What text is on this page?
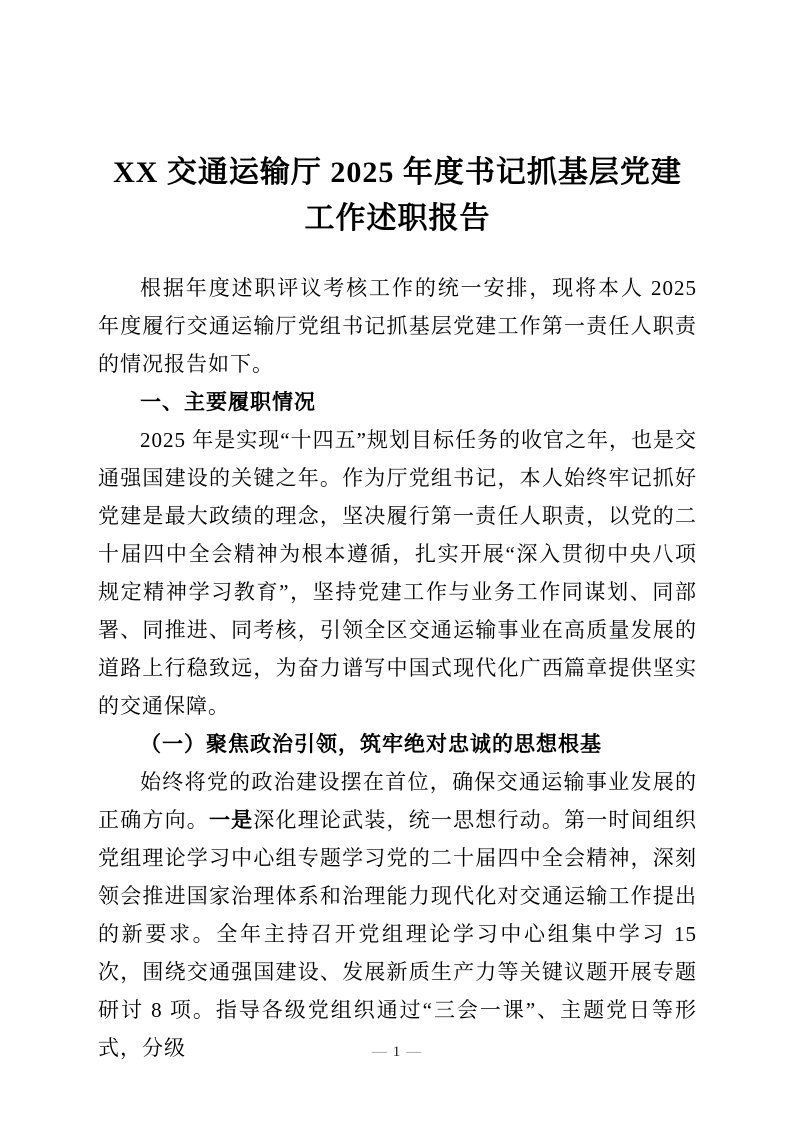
XX 交通运输厅 2025 年度书记抓基层党建
工作述职报告

根据年度述职评议考核工作的统一安排，现将本人 2025 年度履行交通运输厅党组书记抓基层党建工作第一责任人职责的情况报告如下。

一、主要履职情况

2025 年是实现“十四五”规划目标任务的收官之年，也是交通强国建设的关键之年。作为厅党组书记，本人始终牢记抓好党建是最大政绩的理念，坚决履行第一责任人职责，以党的二十届四中全会精神为根本遵循，扎实开展“深入贯彻中央八项规定精神学习教育”，坚持党建工作与业务工作同谋划、同部署、同推进、同考核，引领全区交通运输事业在高质量发展的道路上行稳致远，为奋力谱写中国式现代化广西篇章提供坚实的交通保障。

（一）聚焦政治引领，筑牢绝对忠诚的思想根基

始终将党的政治建设摆在首位，确保交通运输事业发展的正确方向。一是深化理论武装，统一思想行动。第一时间组织党组理论学习中心组专题学习党的二十届四中全会精神，深刻领会推进国家治理体系和治理能力现代化对交通运输工作提出的新要求。全年主持召开党组理论学习中心组集中学习 15 次，围绕交通强国建设、发展新质生产力等关键议题开展专题研讨 8 项。指导各级党组织通过“三会一课”、主题党日等形式，分级	— 1 —
